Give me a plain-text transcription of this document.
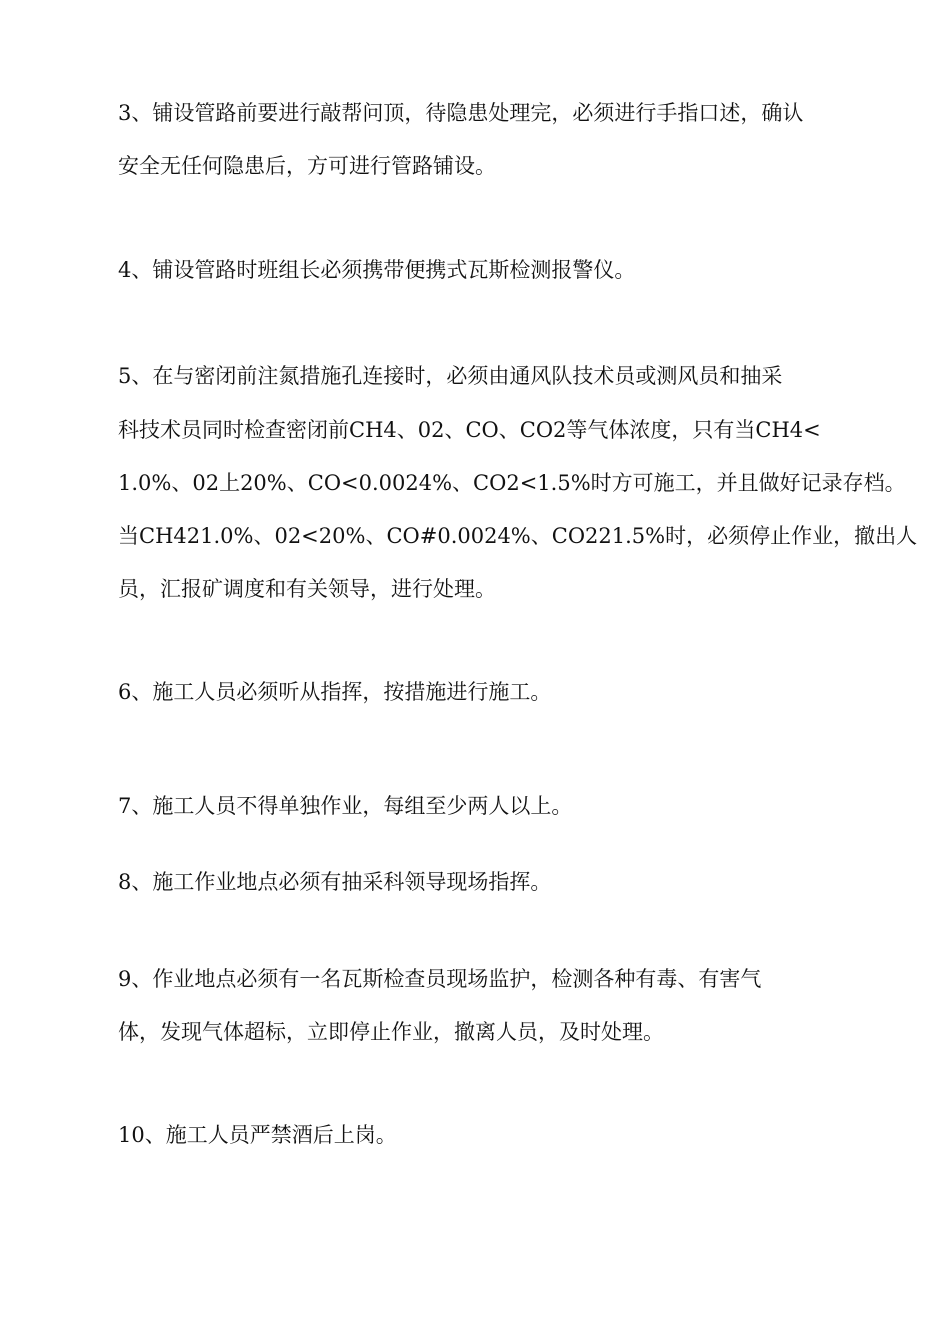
3、铺设管路前要进行敲帮问顶，待隐患处理完，必须进行手指口述，确认
安全无任何隐患后，方可进行管路铺设。
4、铺设管路时班组长必须携带便携式瓦斯检测报警仪。
5、在与密闭前注氮措施孔连接时，必须由通风队技术员或测风员和抽采
科技术员同时检查密闭前CH4、02、CO、CO2等气体浓度，只有当CH4<
1.0%、02上20%、CO<0.0024%、CO2<1.5%时方可施工，并且做好记录存档。
当CH421.0%、02<20%、CO#0.0024%、CO221.5%时，必须停止作业，撤出人
员，汇报矿调度和有关领导，进行处理。
6、施工人员必须听从指挥，按措施进行施工。
7、施工人员不得单独作业，每组至少两人以上。
8、施工作业地点必须有抽采科领导现场指挥。
9、作业地点必须有一名瓦斯检查员现场监护，检测各种有毒、有害气
体，发现气体超标，立即停止作业，撤离人员，及时处理。
10、施工人员严禁酒后上岗。
